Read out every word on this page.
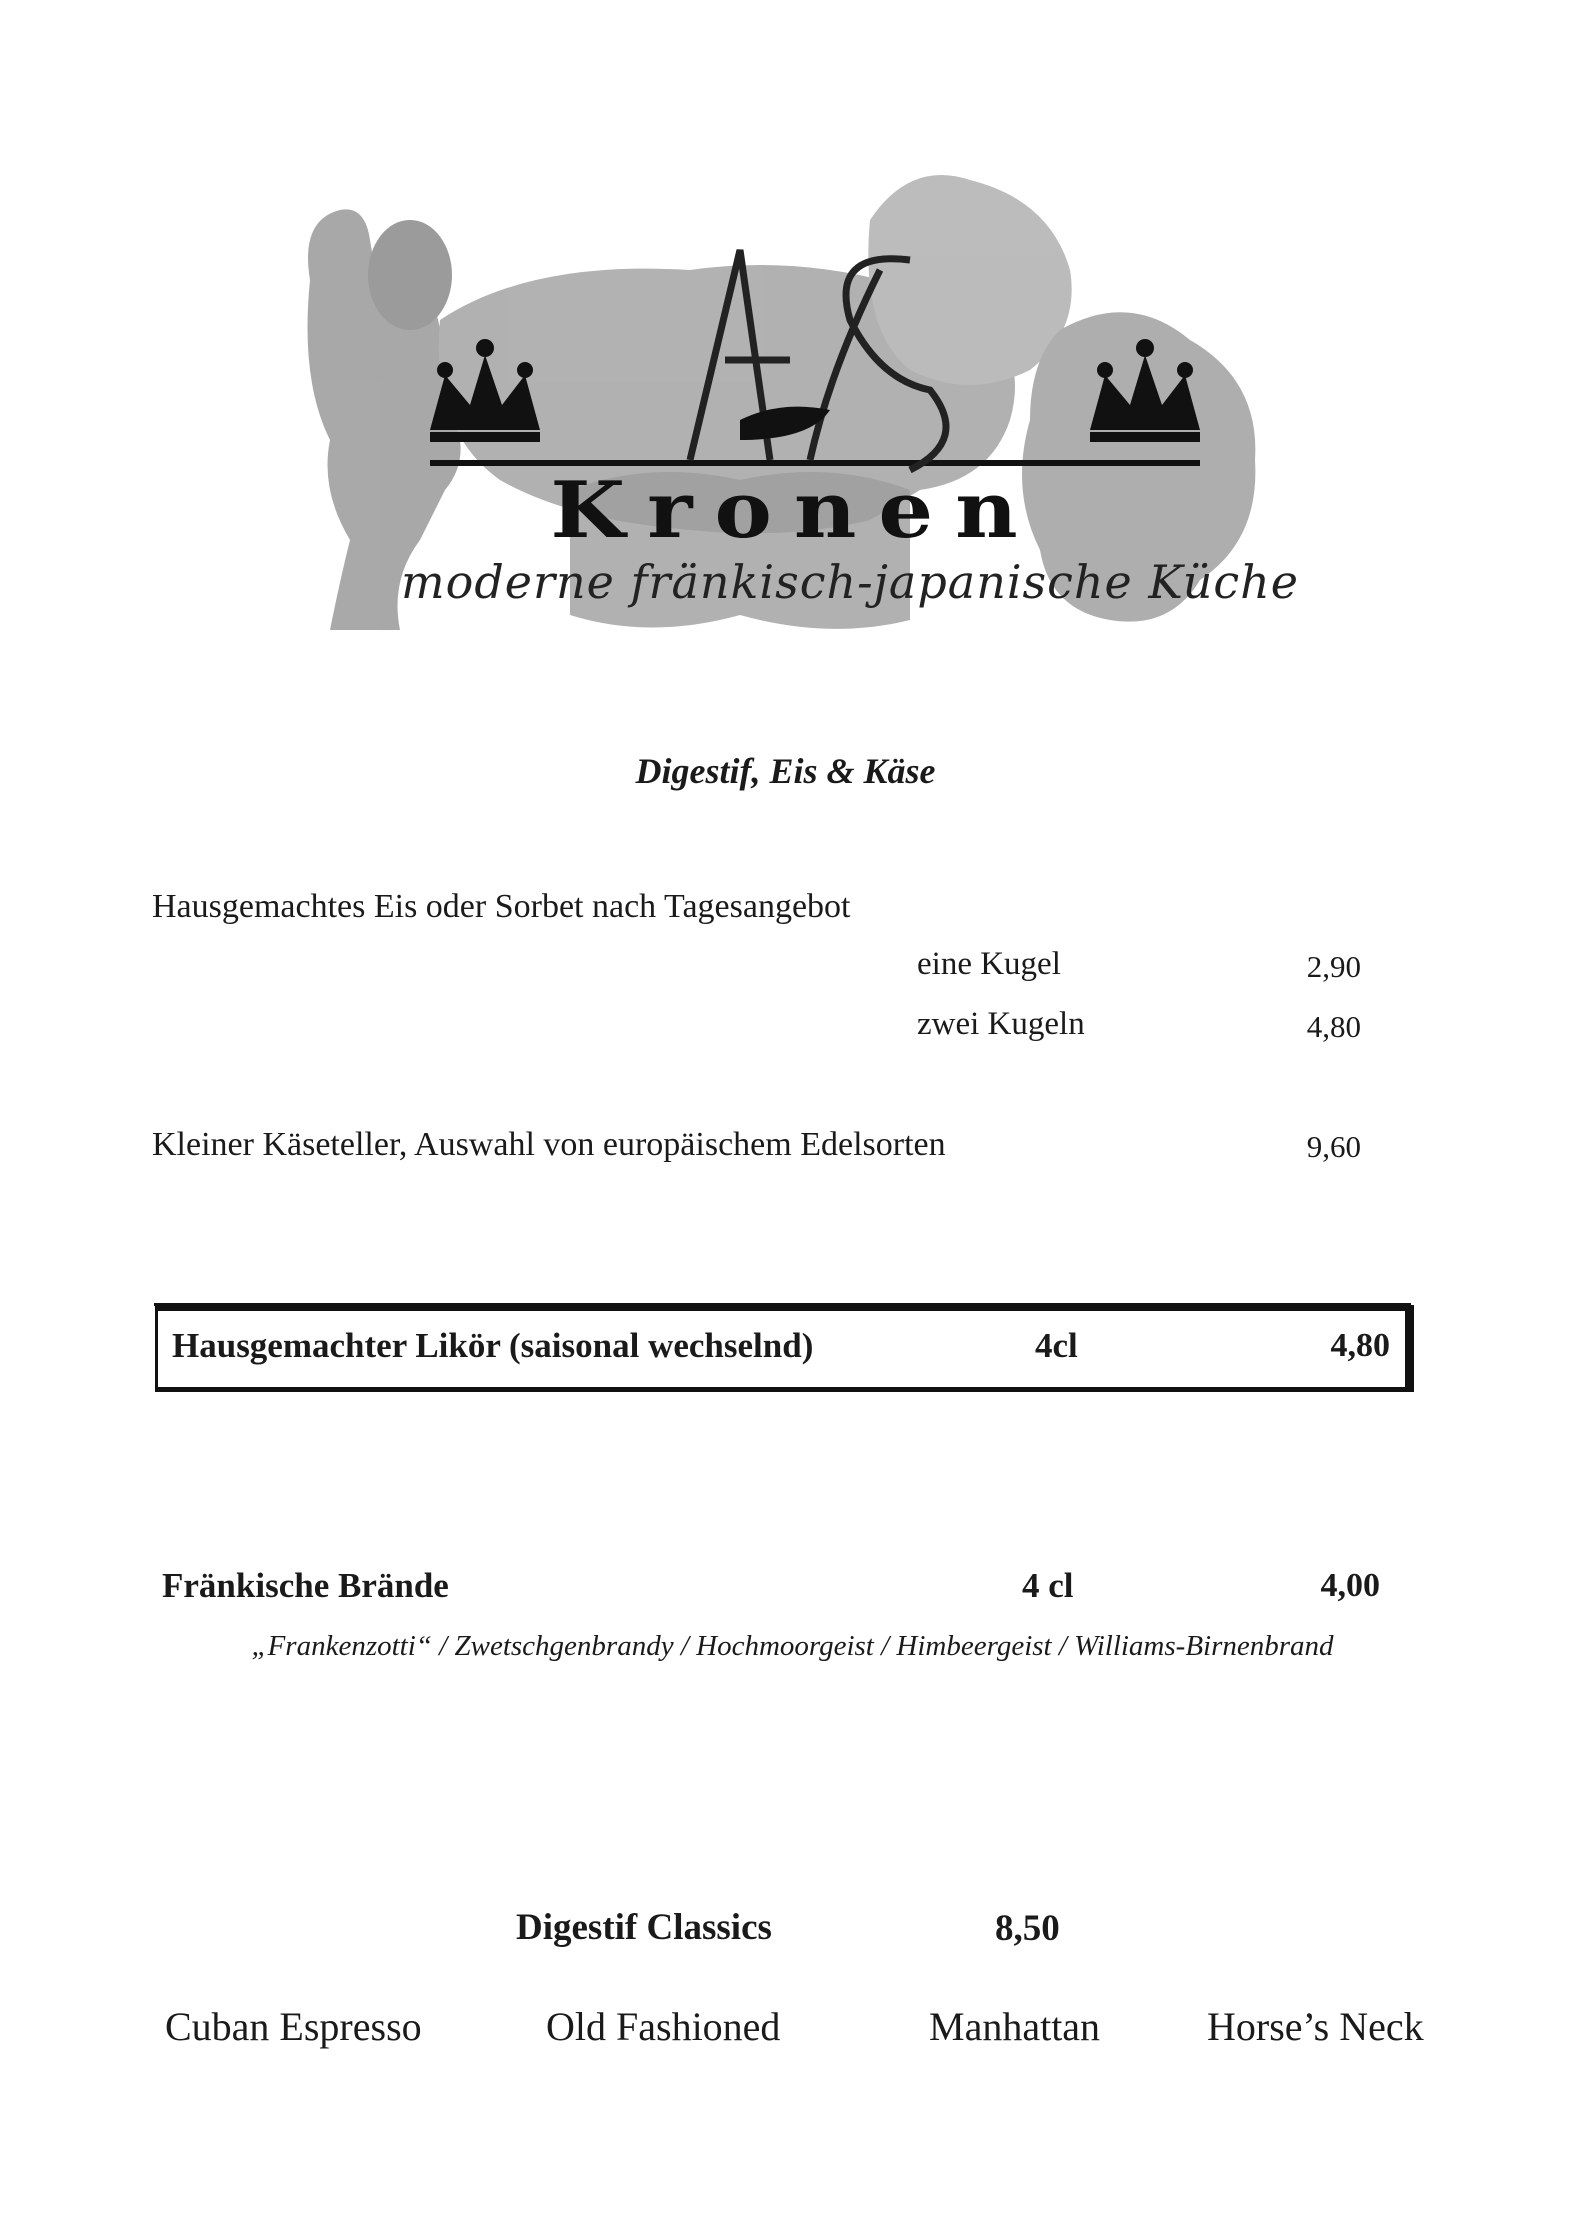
Kronen
moderne fränkisch-japanische Küche
Digestif, Eis & Käse
Hausgemachtes Eis oder Sorbet nach Tagesangebot
eine Kugel	2,90
zwei Kugeln	4,80
Kleiner Käseteller, Auswahl von europäischem Edelsorten	9,60
Hausgemachter Likör (saisonal wechselnd)	4cl	4,80
Fränkische Brände	4 cl	4,00
„Frankenzotti“ / Zwetschgenbrandy / Hochmoorgeist / Himbeergeist / Williams-Birnenbrand
Digestif Classics	8,50
Cuban Espresso	Old Fashioned	Manhattan	Horse’s Neck
